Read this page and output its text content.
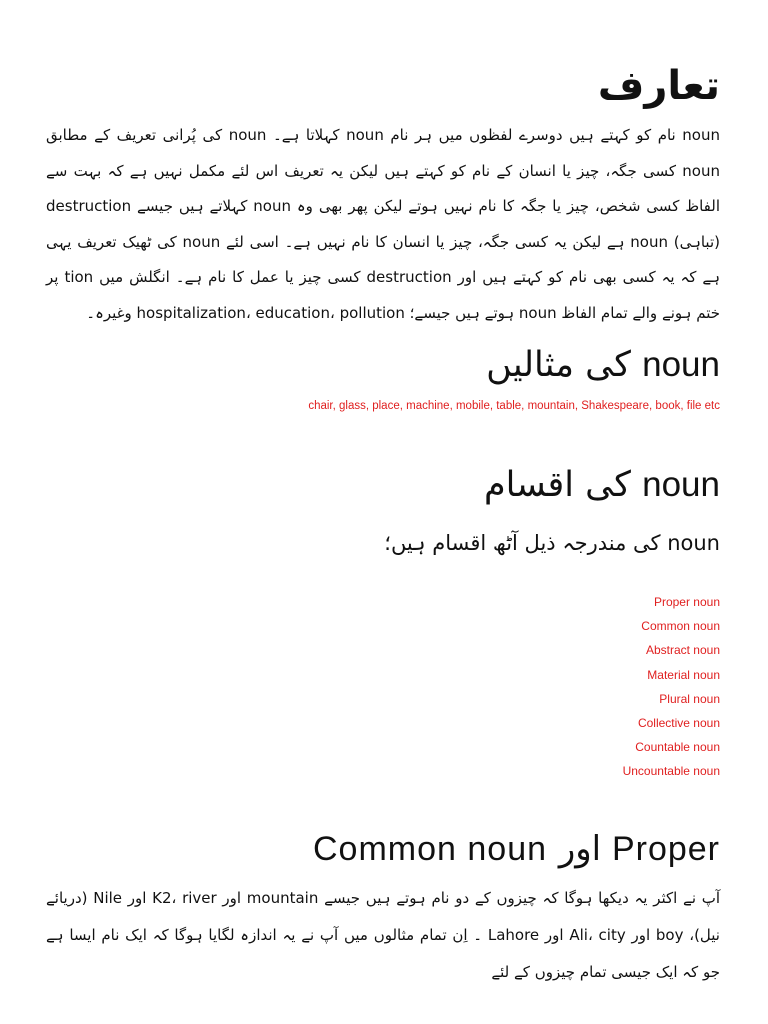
تعارف
noun نام کو کہتے ہیں دوسرے لفظوں میں ہر نام noun کہلاتا ہے۔ noun کی پُرانی تعریف کے مطابق noun کسی جگہ، چیز یا انسان کے نام کو کہتے ہیں لیکن یہ تعریف اس لئے مکمل نہیں ہے کہ بہت سے الفاظ کسی شخص، چیز یا جگہ کا نام نہیں ہوتے لیکن پھر بھی وہ noun کہلاتے ہیں جیسے destruction (تباہی) noun ہے لیکن یہ کسی جگہ، چیز یا انسان کا نام نہیں ہے۔ اسی لئے noun کی ٹھیک تعریف یہی ہے کہ یہ کسی بھی نام کو کہتے ہیں اور destruction کسی چیز یا عمل کا نام ہے۔ انگلش میں tion پر ختم ہونے والے تمام الفاظ noun ہوتے ہیں جیسے؛ hospitalization، education، pollution وغیرہ۔
noun کی مثالیں
chair, glass, place, machine, mobile, table, mountain, Shakespeare, book, file etc
noun کی اقسام
noun کی مندرجہ ذیل آٹھ اقسام ہیں؛
Proper noun
Common noun
Abstract noun
Material noun
Plural noun
Collective noun
Countable noun
Uncountable noun
Common noun اور Proper
آپ نے اکثر یہ دیکھا ہوگا کہ چیزوں کے دو نام ہوتے ہیں جیسے mountain اور K2، river اور Nile (دریائے نیل)، boy اور Ali، city اور Lahore ۔ اِن تمام مثالوں میں آپ نے یہ اندازہ لگایا ہوگا کہ ایک نام ایسا ہے جو کہ ایک جیسی تمام چیزوں کے لئے
